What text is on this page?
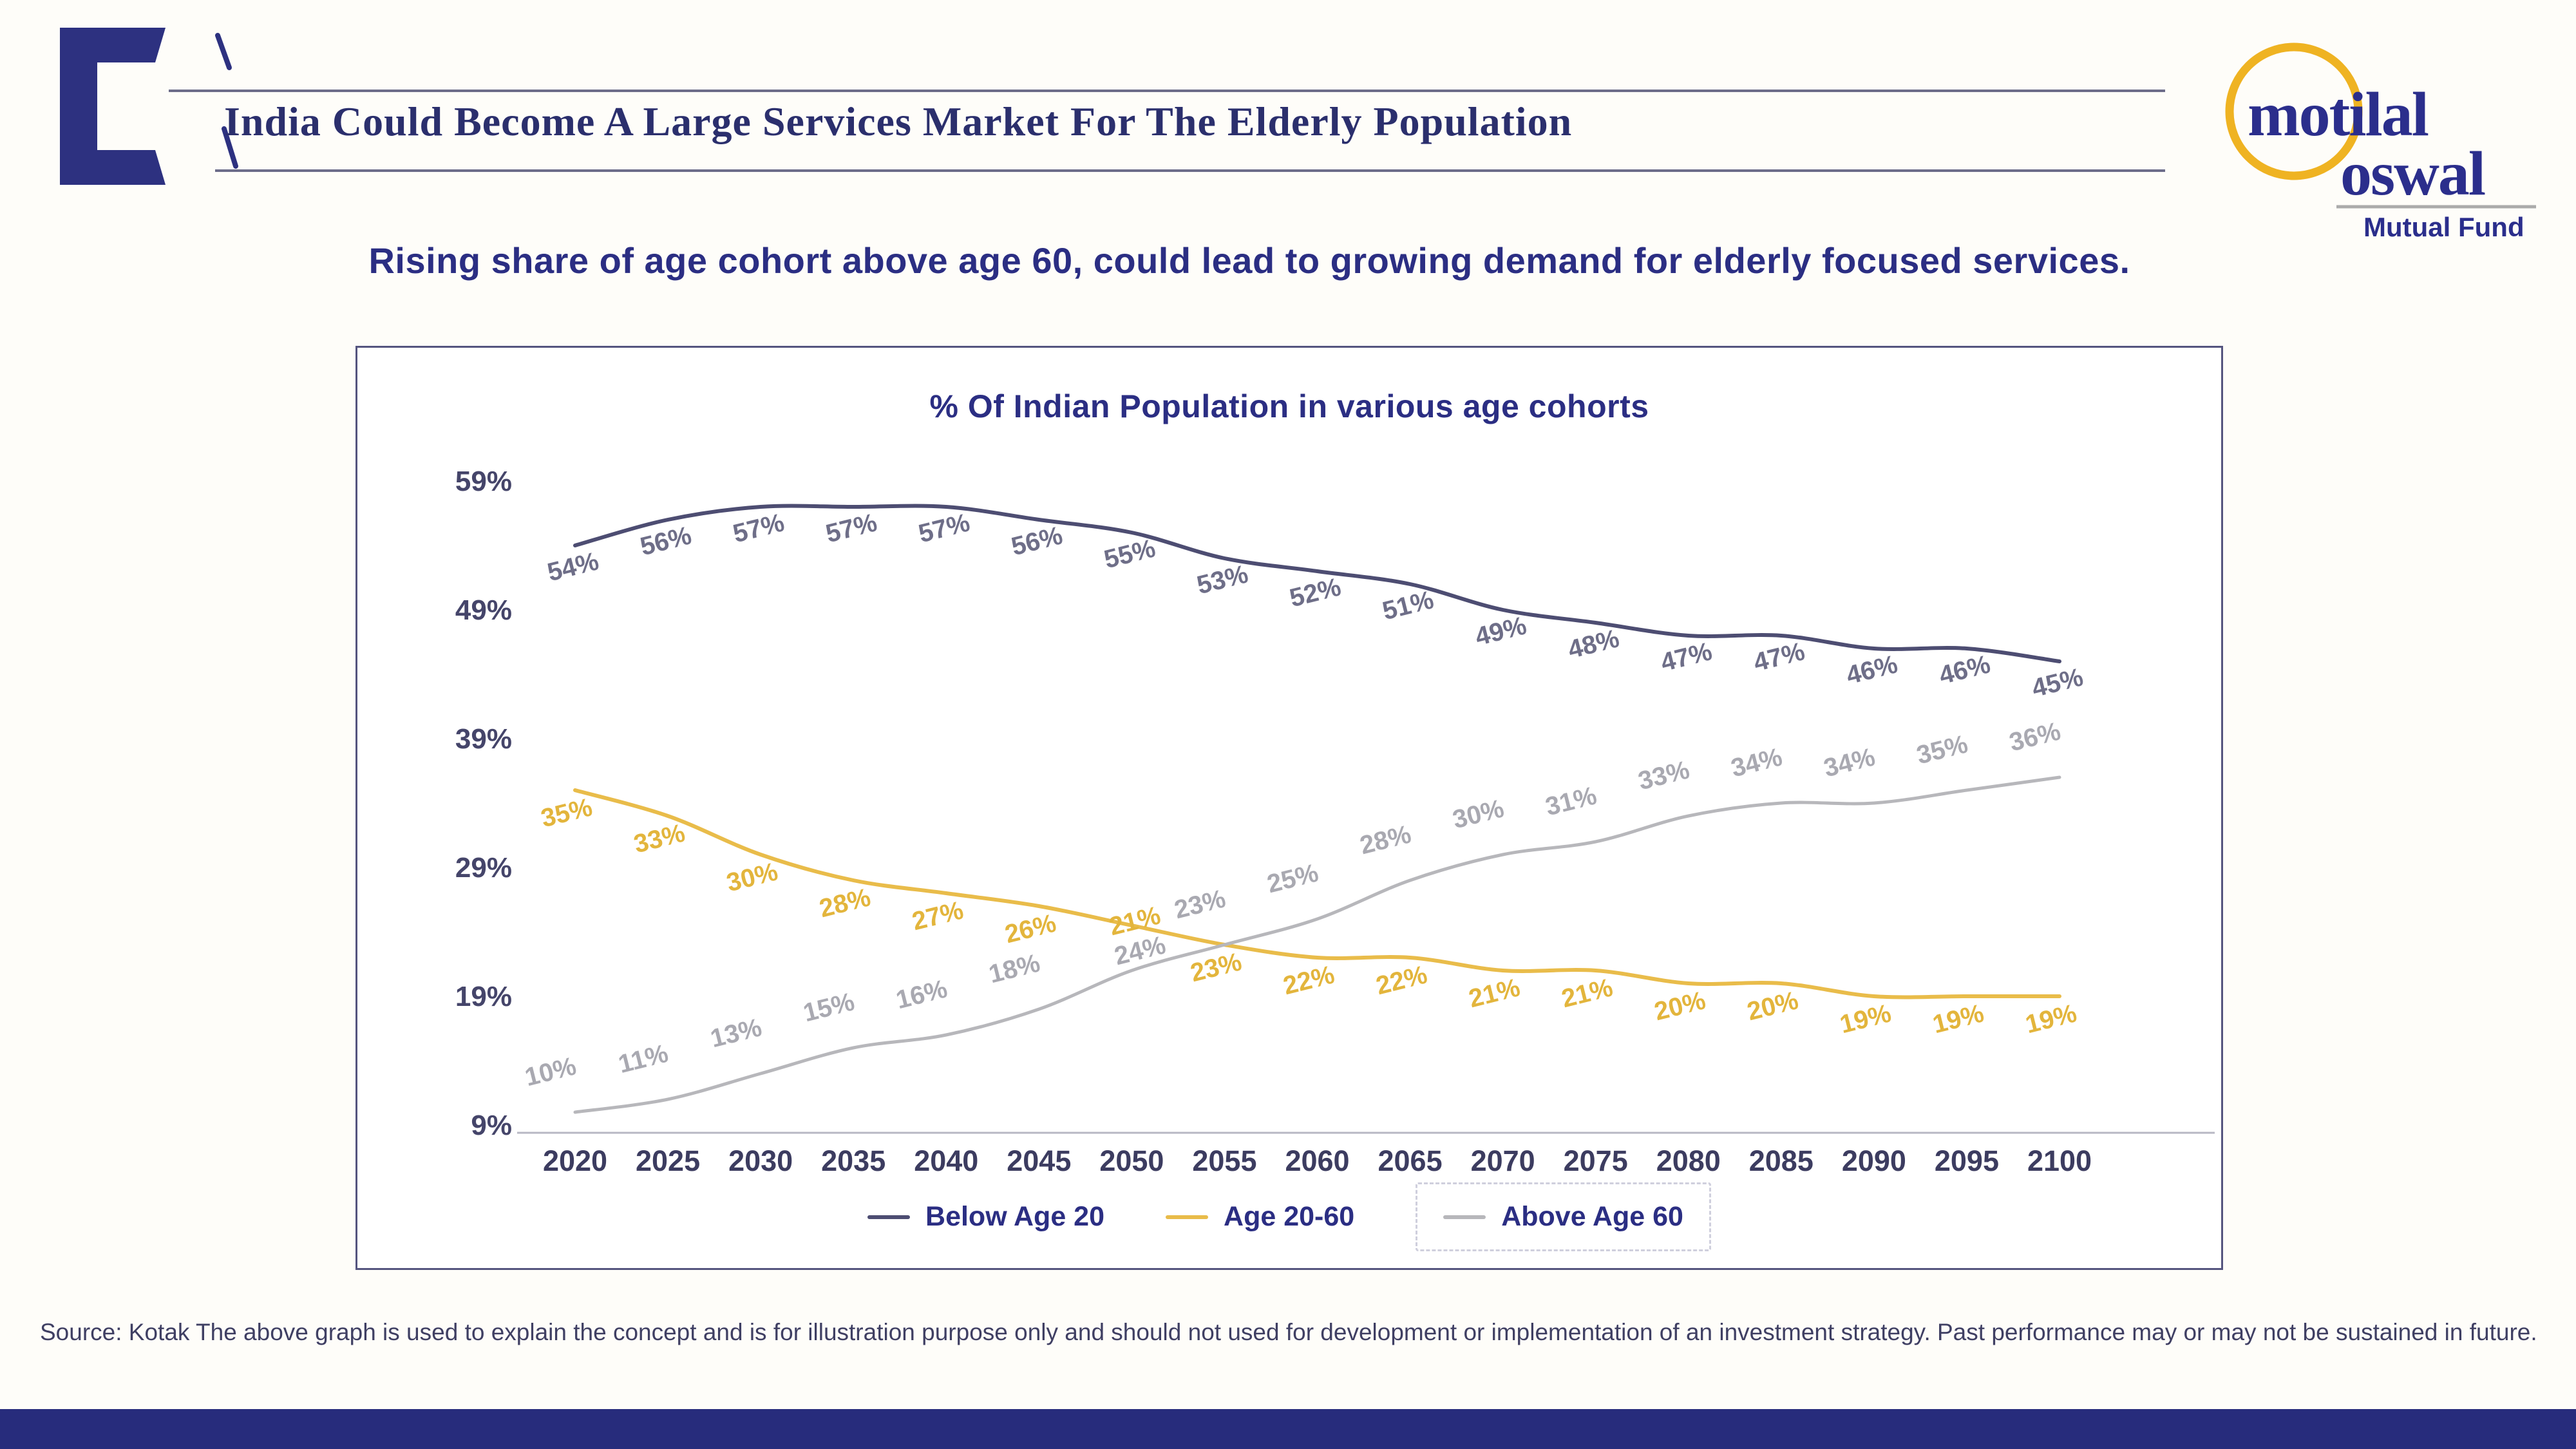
India Could Become A Large Services Market For The Elderly Population	motilal
oswal
Mutual Fund
Rising share of age cohort above age 60, could lead to growing demand for elderly focused services.
% Of Indian Population in various age cohorts
59%
49%
39%
29%
19%
9%
2020 2025 2030 2035 2040 2045 2050 2055 2060 2065 2070 2075 2080 2085 2090 2095 2100
54%
56% 57% 57% 57% 56% 55%
53% 52% 51%
49% 48% 47% 47% 46% 46% 45%
35%
33%
30%
28% 27% 26% 21%
23% 22% 22% 21% 21% 20% 20% 19% 19% 19%
10% 11%
13%
15% 16%
18%	24%
23%
25%
28%
30% 31%
33% 34% 34% 35% 36%
Below Age 20	Age 20-60	Above Age 60
Source: Kotak The above graph is used to explain the concept and is for illustration purpose only and should not used for development or implementation of an investment strategy. Past performance may or may not be sustained in future.
